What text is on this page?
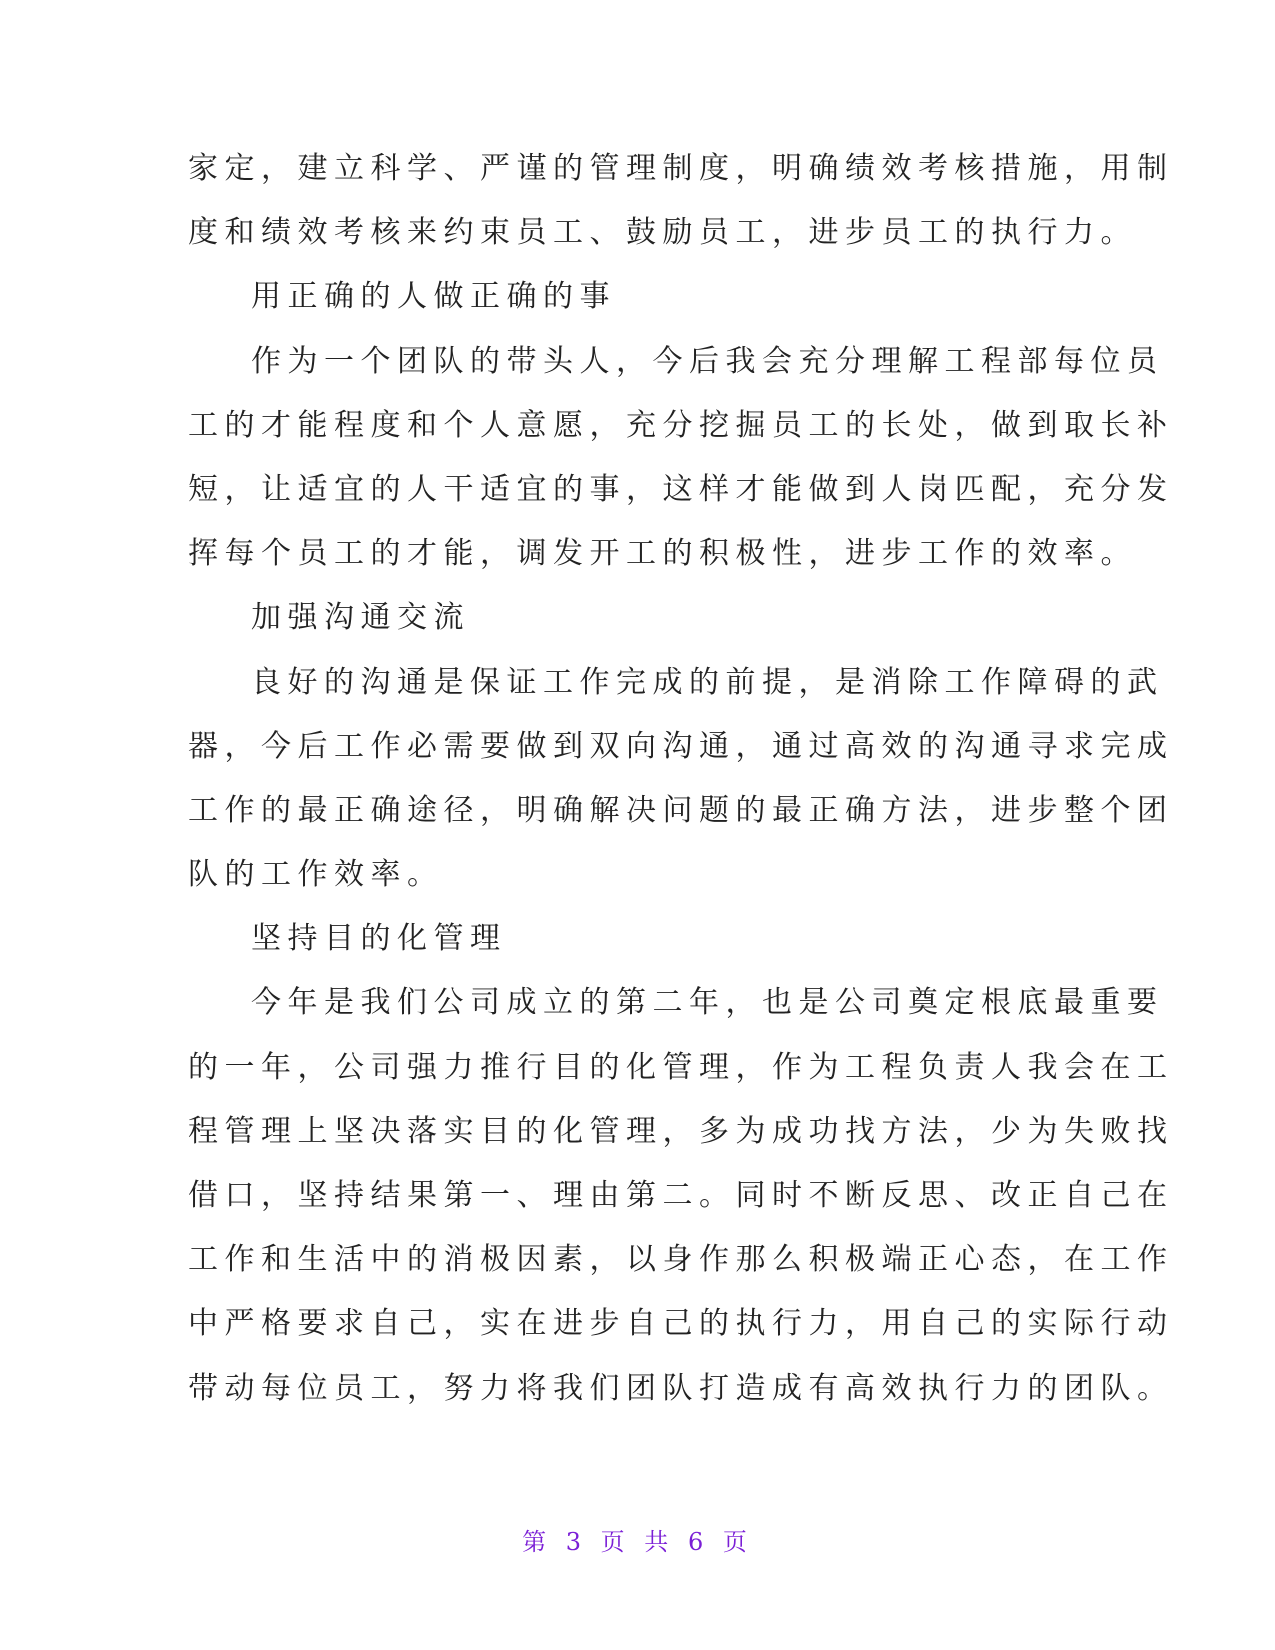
家定，建立科学、严谨的管理制度，明确绩效考核措施，用制
度和绩效考核来约束员工、鼓励员工，进步员工的执行力。
用正确的人做正确的事
作为一个团队的带头人，今后我会充分理解工程部每位员
工的才能程度和个人意愿，充分挖掘员工的长处，做到取长补
短，让适宜的人干适宜的事，这样才能做到人岗匹配，充分发
挥每个员工的才能，调发开工的积极性，进步工作的效率。
加强沟通交流
良好的沟通是保证工作完成的前提，是消除工作障碍的武
器，今后工作必需要做到双向沟通，通过高效的沟通寻求完成
工作的最正确途径，明确解决问题的最正确方法，进步整个团
队的工作效率。
坚持目的化管理
今年是我们公司成立的第二年，也是公司奠定根底最重要
的一年，公司强力推行目的化管理，作为工程负责人我会在工
程管理上坚决落实目的化管理，多为成功找方法，少为失败找
借口，坚持结果第一、理由第二。同时不断反思、改正自己在
工作和生活中的消极因素，以身作那么积极端正心态，在工作
中严格要求自己，实在进步自己的执行力，用自己的实际行动
带动每位员工，努力将我们团队打造成有高效执行力的团队。
第 3 页 共 6 页
